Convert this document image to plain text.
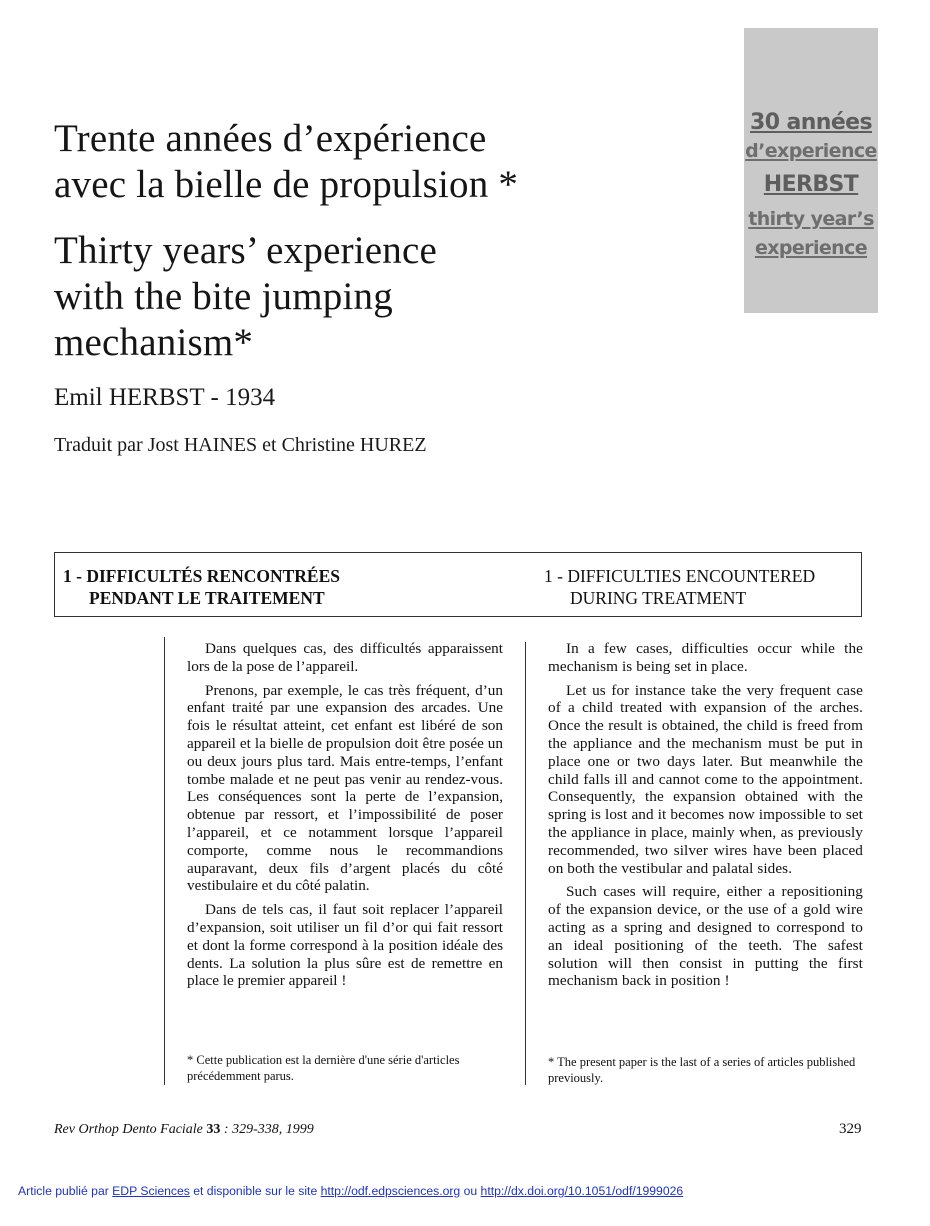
Trente années d’expérience
avec la bielle de propulsion *
Thirty years’ experience
with the bite jumping
mechanism*
Emil HERBST - 1934
Traduit par Jost HAINES et Christine HUREZ
30 années
d’experience
HERBST
thirty year’s
experience
1 - DIFFICULTÉS RENCONTRÉES
PENDANT LE TRAITEMENT
1 - DIFFICULTIES ENCOUNTERED
DURING TREATMENT

Dans quelques cas, des difficultés apparaissent lors de la pose de l’appareil.

Prenons, par exemple, le cas très fréquent, d’un enfant traité par une expansion des arcades. Une fois le résultat atteint, cet enfant est libéré de son appareil et la bielle de propulsion doit être posée un ou deux jours plus tard. Mais entre-temps, l’enfant tombe malade et ne peut pas venir au rendez-vous. Les conséquences sont la perte de l’expansion, obtenue par ressort, et l’impossibilité de poser l’appareil, et ce notamment lorsque l’appareil comporte, comme nous le recommandions auparavant, deux fils d’argent placés du côté vestibulaire et du côté palatin.

Dans de tels cas, il faut soit replacer l’appareil d’expansion, soit utiliser un fil d’or qui fait ressort et dont la forme correspond à la position idéale des dents. La solution la plus sûre est de remettre en place le premier appareil !

In a few cases, difficulties occur while the mechanism is being set in place.

Let us for instance take the very frequent case of a child treated with expansion of the arches. Once the result is obtained, the child is freed from the appliance and the mechanism must be put in place one or two days later. But meanwhile the child falls ill and cannot come to the appointment. Consequently, the expansion obtained with the spring is lost and it becomes now impossible to set the appliance in place, mainly when, as previously recommended, two silver wires have been placed on both the vestibular and palatal sides.

Such cases will require, either a repositioning of the expansion device, or the use of a gold wire acting as a spring and designed to correspond to an ideal positioning of the teeth. The safest solution will then consist in putting the first mechanism back in position !

* Cette publication est la dernière d'une série d'articles précédemment parus.
* The present paper is the last of a series of articles published previously.
Rev Orthop Dento Faciale 33 : 329-338, 1999	329
Article publié par EDP Sciences et disponible sur le site http://odf.edpsciences.org ou http://dx.doi.org/10.1051/odf/1999026
